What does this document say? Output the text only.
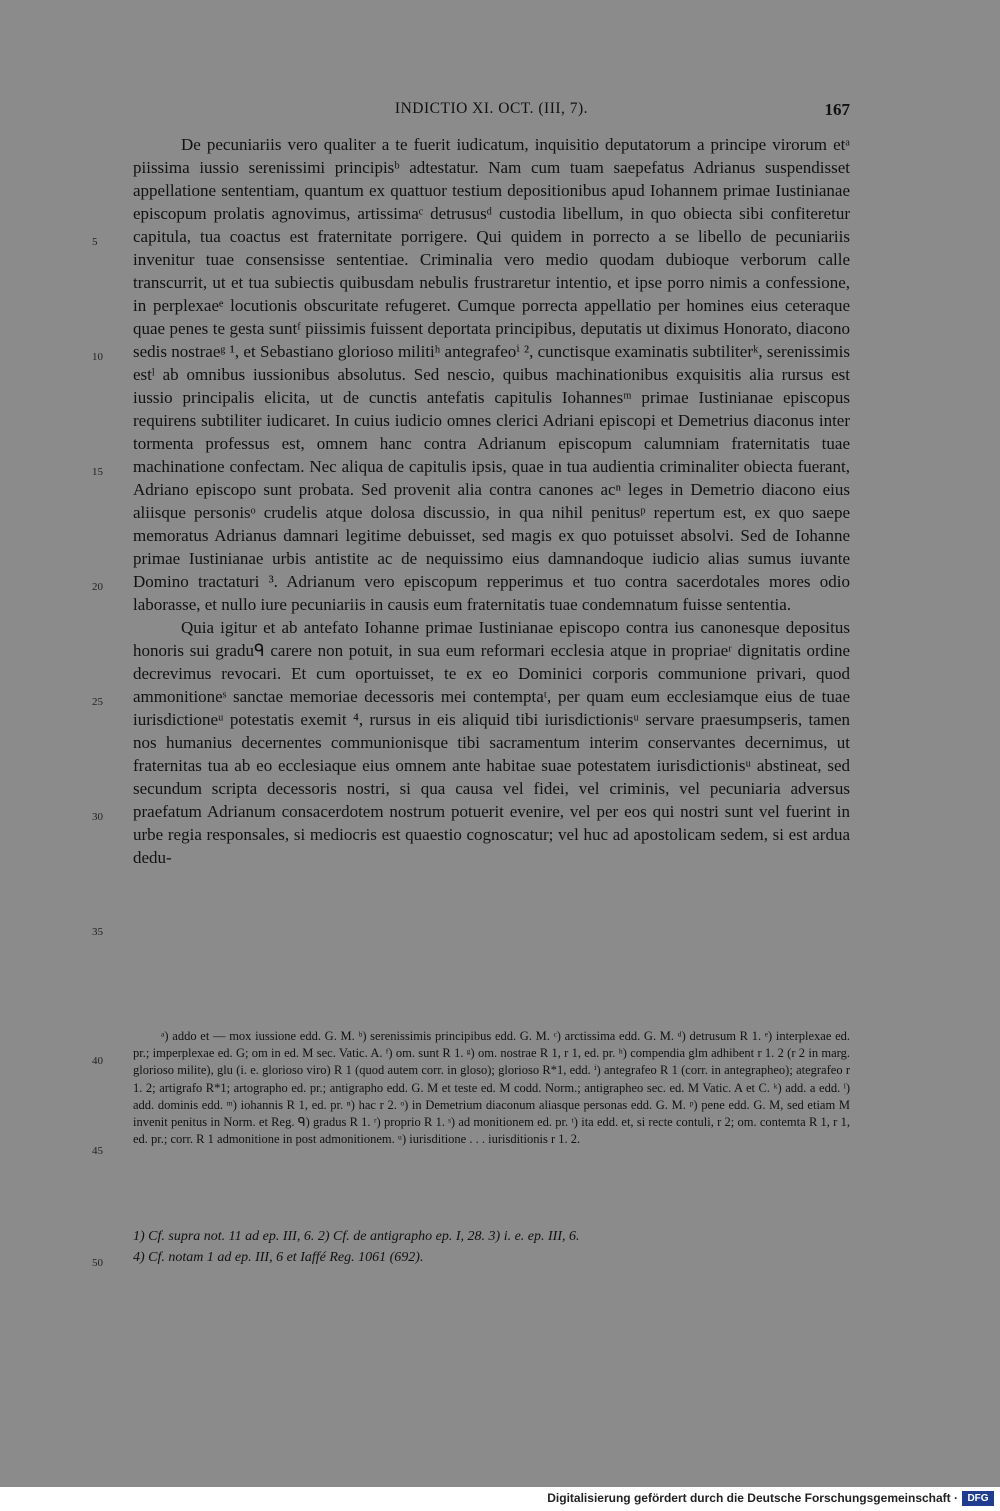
INDICTIO XI. OCT. (III, 7).	167

De pecuniariis vero qualiter a te fuerit iudicatum, inquisitio deputatorum a principe virorum etᵃ piissima iussio serenissimi principisᵇ adtestatur. Nam cum tuam saepefatus Adrianus suspendisset appellatione sententiam, quantum ex quattuor testium depositionibus apud Iohannem primae Iustinianae episcopum prolatis agnovimus, artissimaᶜ detrususᵈ custodia libellum, in quo obiecta sibi confiteretur capitula, tua coactus est fraternitate porrigere. Qui quidem in porrecto a se libello de pecuniariis invenitur tuae consensisse sententiae. Criminalia vero medio quodam dubioque verborum calle transcurrit, ut et tua subiectis quibusdam nebulis frustraretur intentio, et ipse porro nimis a confessione, in perplexaeᵉ locutionis obscuritate refugeret. Cumque porrecta appellatio per homines eius ceteraque quae penes te gesta suntᶠ piissimis fuissent deportata principibus, deputatis ut diximus Honorato, diacono sedis nostraeᵍ ¹, et Sebastiano glorioso militiʰ antegrafeoⁱ ², cunctisque examinatis subtiliterᵏ, serenissimis estˡ ab omnibus iussionibus absolutus. Sed nescio, quibus machinationibus exquisitis alia rursus est iussio principalis elicita, ut de cunctis antefatis capitulis Iohannesᵐ primae Iustinianae episcopus requirens subtiliter iudicaret. In cuius iudicio omnes clerici Adriani episcopi et Demetrius diaconus inter tormenta professus est, omnem hanc contra Adrianum episcopum calumniam fraternitatis tuae machinatione confectam. Nec aliqua de capitulis ipsis, quae in tua audientia criminaliter obiecta fuerant, Adriano episcopo sunt probata. Sed provenit alia contra canones acⁿ leges in Demetrio diacono eius aliisque personisᵒ crudelis atque dolosa discussio, in qua nihil penitusᵖ repertum est, ex quo saepe memoratus Adrianus damnari legitime debuisset, sed magis ex quo potuisset absolvi. Sed de Iohanne primae Iustinianae urbis antistite ac de nequissimo eius damnandoque iudicio alias sumus iuvante Domino tractaturi ³. Adrianum vero episcopum repperimus et tuo contra sacerdotales mores odio laborasse, et nullo iure pecuniariis in causis eum fraternitatis tuae condemnatum fuisse sententia.

Quia igitur et ab antefato Iohanne primae Iustinianae episcopo contra ius canonesque depositus honoris sui graduᑫ carere non potuit, in sua eum reformari ecclesia atque in propriaeʳ dignitatis ordine decrevimus revocari. Et cum oportuisset, te ex eo Dominici corporis communione privari, quod ammonitioneˢ sanctae memoriae decessoris mei contemptaᵗ, per quam eum ecclesiamque eius de tuae iurisdictioneᵘ potestatis exemit ⁴, rursus in eis aliquid tibi iurisdictionisᵘ servare praesumpseris, tamen nos humanius decernentes communionisque tibi sacramentum interim conservantes decernimus, ut fraternitas tua ab eo ecclesiaque eius omnem ante habitae suae potestatem iurisdictionisᵘ abstineat, sed secundum scripta decessoris nostri, si qua causa vel fidei, vel criminis, vel pecuniaria adversus praefatum Adrianum consacerdotem nostrum potuerit evenire, vel per eos qui nostri sunt vel fuerint in urbe regia responsales, si mediocris est quaestio cognoscatur; vel huc ad apostolicam sedem, si est ardua dedu-

5
10
15
20
25
30
35

ᵃ) addo et — mox iussione edd. G. M. ᵇ) serenissimis principibus edd. G. M. ᶜ) arctissima edd. G. M. ᵈ) detrusum R 1. ᵉ) interplexae ed. pr.; imperplexae ed. G; om in ed. M sec. Vatic. A. ᶠ) om. sunt R 1. ᵍ) om. nostrae R 1, r 1, ed. pr. ʰ) compendia glm adhibent r 1. 2 (r 2 in marg. glorioso milite), glu (i. e. glorioso viro) R 1 (quod autem corr. in gloso); glorioso R*1, edd. ⁱ) antegrafeo R 1 (corr. in antegrapheo); ategrafeo r 1. 2; artigrafo R*1; artographo ed. pr.; antigrapho edd. G. M et teste ed. M codd. Norm.; antigrapheo sec. ed. M Vatic. A et C. ᵏ) add. a edd. ˡ) add. dominis edd. ᵐ) iohannis R 1, ed. pr. ⁿ) hac r 2. ᵒ) in Demetrium diaconum aliasque personas edd. G. M. ᵖ) pene edd. G. M, sed etiam M invenit penitus in Norm. et Reg. ᑫ) gradus R 1. ʳ) proprio R 1. ˢ) ad monitionem ed. pr. ᵗ) ita edd. et, si recte contuli, r 2; om. contemta R 1, r 1, ed. pr.; corr. R 1 admonitione in post admonitionem. ᵘ) iurisditione . . . iurisditionis r 1. 2.

40
45

1) Cf. supra not. 11 ad ep. III, 6. 2) Cf. de antigrapho ep. I, 28. 3) i. e. ep. III, 6.

4) Cf. notam 1 ad ep. III, 6 et Iaffé Reg. 1061 (692).

50
Digitalisierung gefördert durch die Deutsche Forschungsgemeinschaft · DFG
